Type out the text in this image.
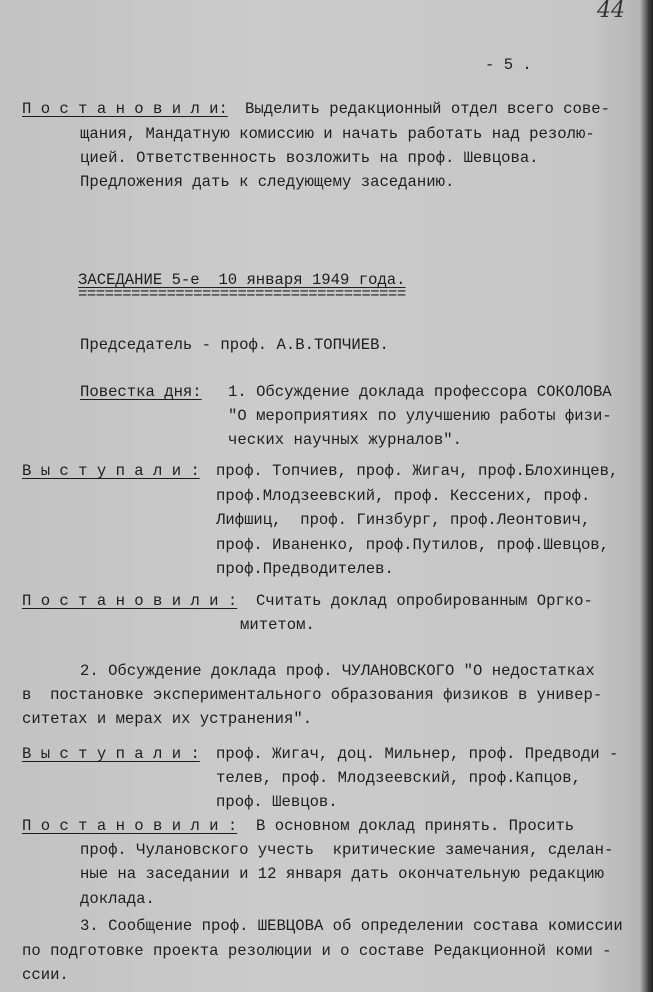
44
- 5 .
П о с т а н о в и л и: Выделить редакционный отдел всего сове-
щания, Мандатную комиссию и начать работать над резолю-
цией. Ответственность возложить на проф. Шевцова.
Предложения дать к следующему заседанию.
ЗАСЕДАНИЕ 5-е  10 января 1949 года.
=====================================
Председатель - проф. А.В.ТОПЧИЕВ.
Повестка дня: 1. Обсуждение доклада профессора СОКОЛОВА
"О мероприятиях по улучшению работы физи-
ческих научных журналов".
В ы с т у п а л и : проф. Топчиев, проф. Жигач, проф.Блохинцев,
проф.Млодзеевский, проф. Кессених, проф.
Лифшиц,  проф. Гинзбург, проф.Леонтович,
проф. Иваненко, проф.Путилов, проф.Шевцов,
проф.Предводителев.
П о с т а н о в и л и : Считать доклад опробированным Оргко-
митетом.
2. Обсуждение доклада проф. ЧУЛАНОВСКОГО "О недостатках
в  постановке экспериментального образования физиков в универ-
ситетах и мерах их устранения".
В ы с т у п а л и : проф. Жигач, доц. Мильнер, проф. Предводи -
телев, проф. Млодзеевский, проф.Капцов,
проф. Шевцов.
П о с т а н о в и л и : В основном доклад принять. Просить
проф. Чулановского учесть  критические замечания, сделан-
ные на заседании и 12 января дать окончательную редакцию
доклада.
3. Сообщение проф. ШЕВЦОВА об определении состава комиссии
по подготовке проекта резолюции и о составе Редакционной коми -
ссии.
